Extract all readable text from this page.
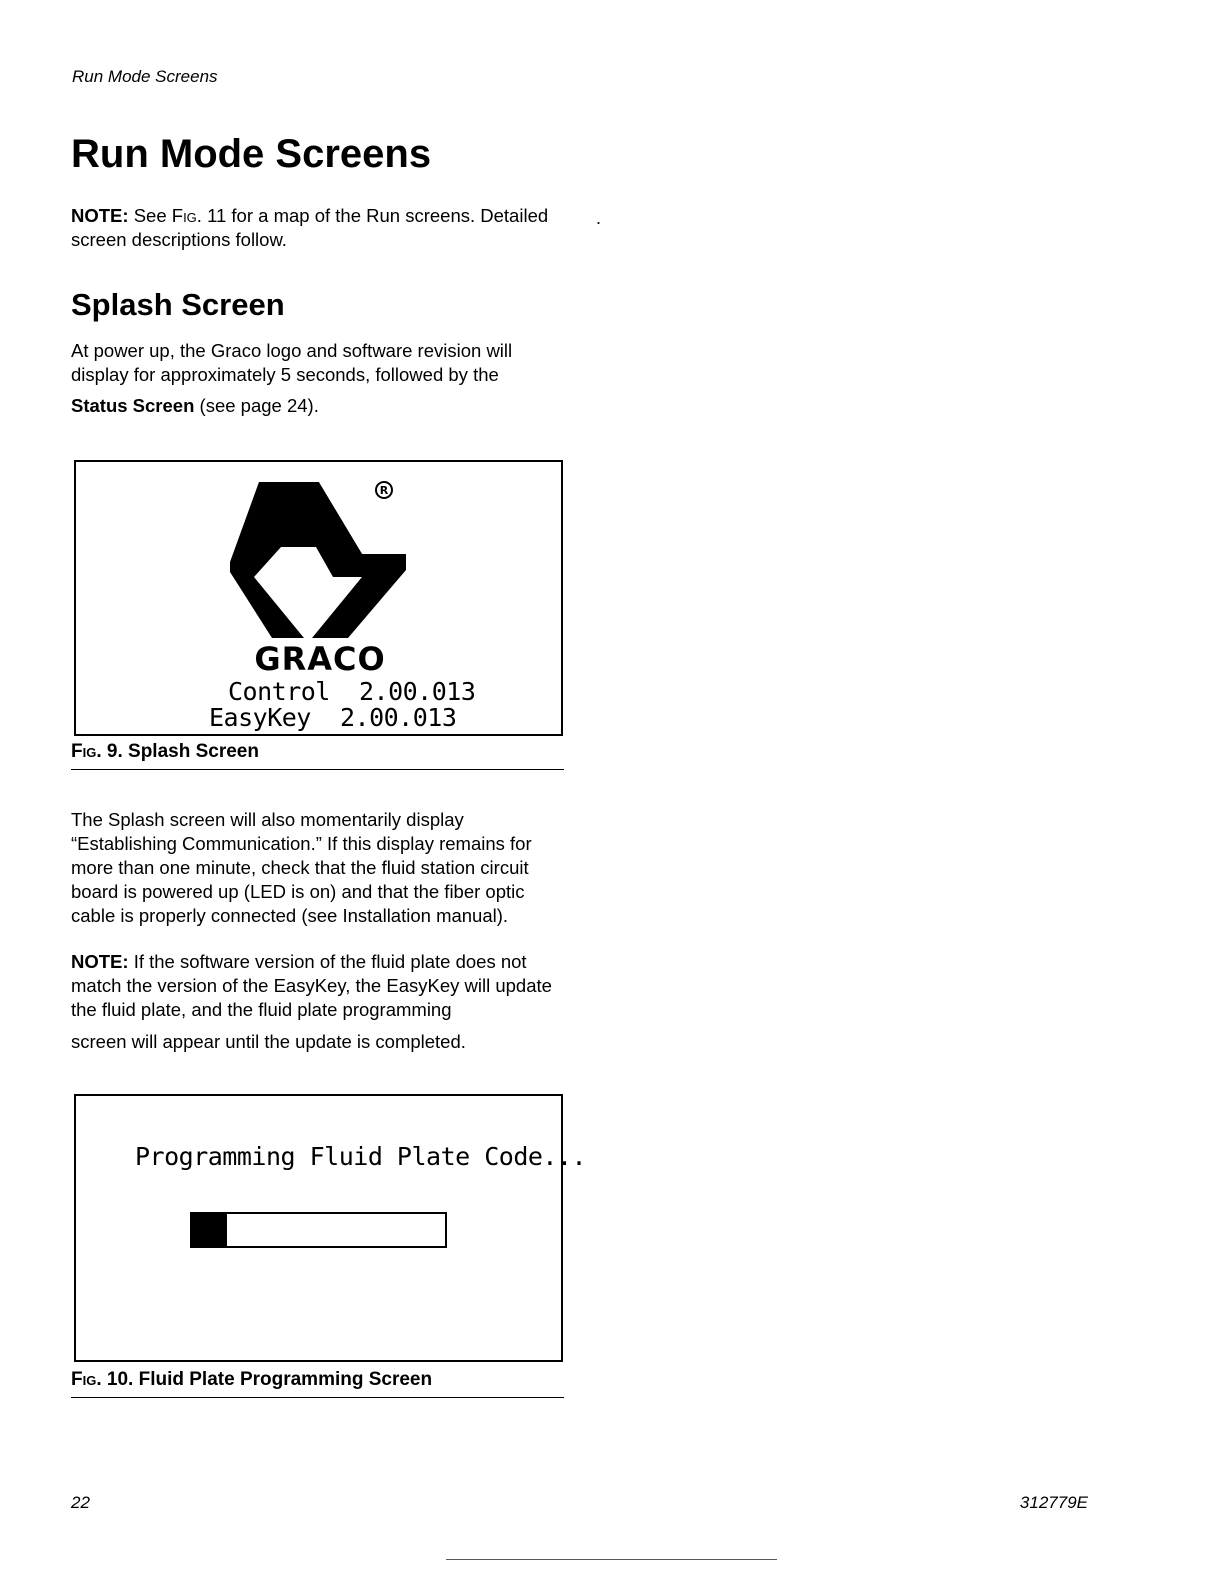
Run Mode Screens
Run Mode Screens

NOTE: See Fig. 11 for a map of the Run screens. Detailed screen descriptions follow.

.
Splash Screen

At power up, the Graco logo and software revision will display for approximately 5 seconds, followed by the

Status Screen (see page 24).

R
GRACO
Control  2.00.013
EasyKey  2.00.013
Fig. 9. Splash Screen

The Splash screen will also momentarily display “Establishing Communication.” If this display remains for more than one minute, check that the fluid station circuit board is powered up (LED is on) and that the fiber optic cable is properly connected (see Installation manual).

NOTE: If the software version of the fluid plate does not match the version of the EasyKey, the EasyKey will update the fluid plate, and the fluid plate programming

screen will appear until the update is completed.

Programming Fluid Plate Code...
Fig. 10. Fluid Plate Programming Screen
22	312779E
